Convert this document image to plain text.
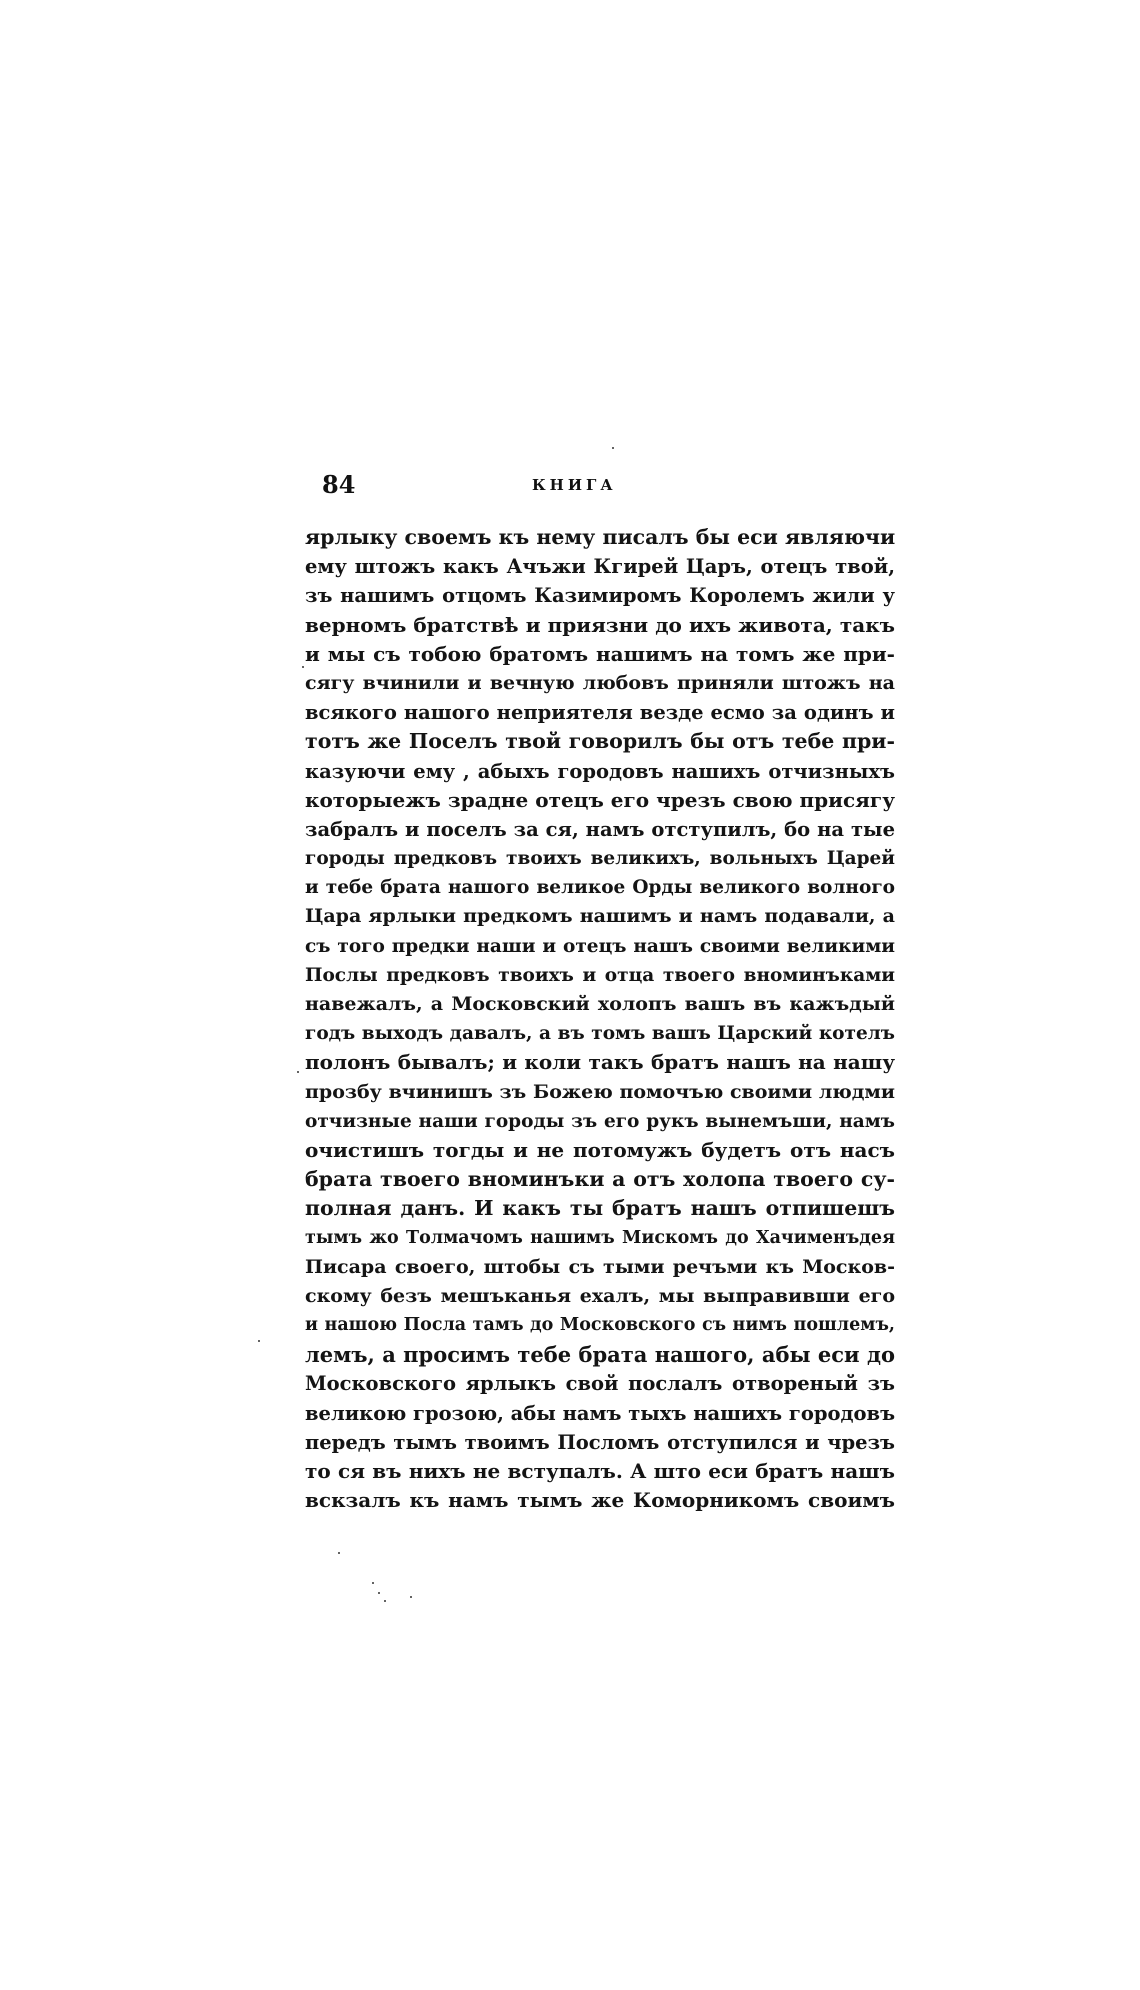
84	КНИГА
ярлыку своемъ къ нему писалъ бы еси являючи
ему штожъ какъ Ачъжи Кгирей Царъ, отецъ твой,
зъ нашимъ отцомъ Казимиромъ Королемъ жили у
верномъ братствѣ и приязни до ихъ живота, такъ
и мы съ тобою братомъ нашимъ на томъ же при-
сягу вчинили и вечную любовъ приняли штожъ на
всякого нашого неприятеля везде есмо за одинъ и
тотъ же Поселъ твой говорилъ бы отъ тебе при-
казуючи ему , абыхъ городовъ нашихъ отчизныхъ
которыежъ зрадне отецъ его чрезъ свою присягу
забралъ и поселъ за ся, намъ отступилъ, бо на тые
городы предковъ твоихъ великихъ, вольныхъ Царей
и тебе брата нашого великое Орды великого волного
Цара ярлыки предкомъ нашимъ и намъ подавали, а
съ того предки наши и отецъ нашъ своими великими
Послы предковъ твоихъ и отца твоего вноминъками
навежалъ, а Московский холопъ вашъ въ кажъдый
годъ выходъ давалъ, а въ томъ вашъ Царский котелъ
полонъ бывалъ; и коли такъ братъ нашъ на нашу
прозбу вчинишъ зъ Божею помочъю своими людми
отчизные наши городы зъ его рукъ вынемъши, намъ
очистишъ тогды и не потомужъ будетъ отъ насъ
брата твоего вноминъки а отъ холопа твоего су-
полная данъ. И какъ ты братъ нашъ отпишешъ
тымъ жо Толмачомъ нашимъ Мискомъ до Хачименъдея
Писара своего, штобы съ тыми речъми къ Москов-
скому безъ мешъканья ехалъ, мы выправивши его
и нашою Посла тамъ до Московского съ нимъ пошлемъ,
лемъ, а просимъ тебе брата нашого, абы еси до
Московского ярлыкъ свой послалъ отвореный зъ
великою грозою, абы намъ тыхъ нашихъ городовъ
передъ тымъ твоимъ Посломъ отступился и чрезъ
то ся въ нихъ не вступалъ. А што еси братъ нашъ
вскзалъ къ намъ тымъ же Коморникомъ своимъ
